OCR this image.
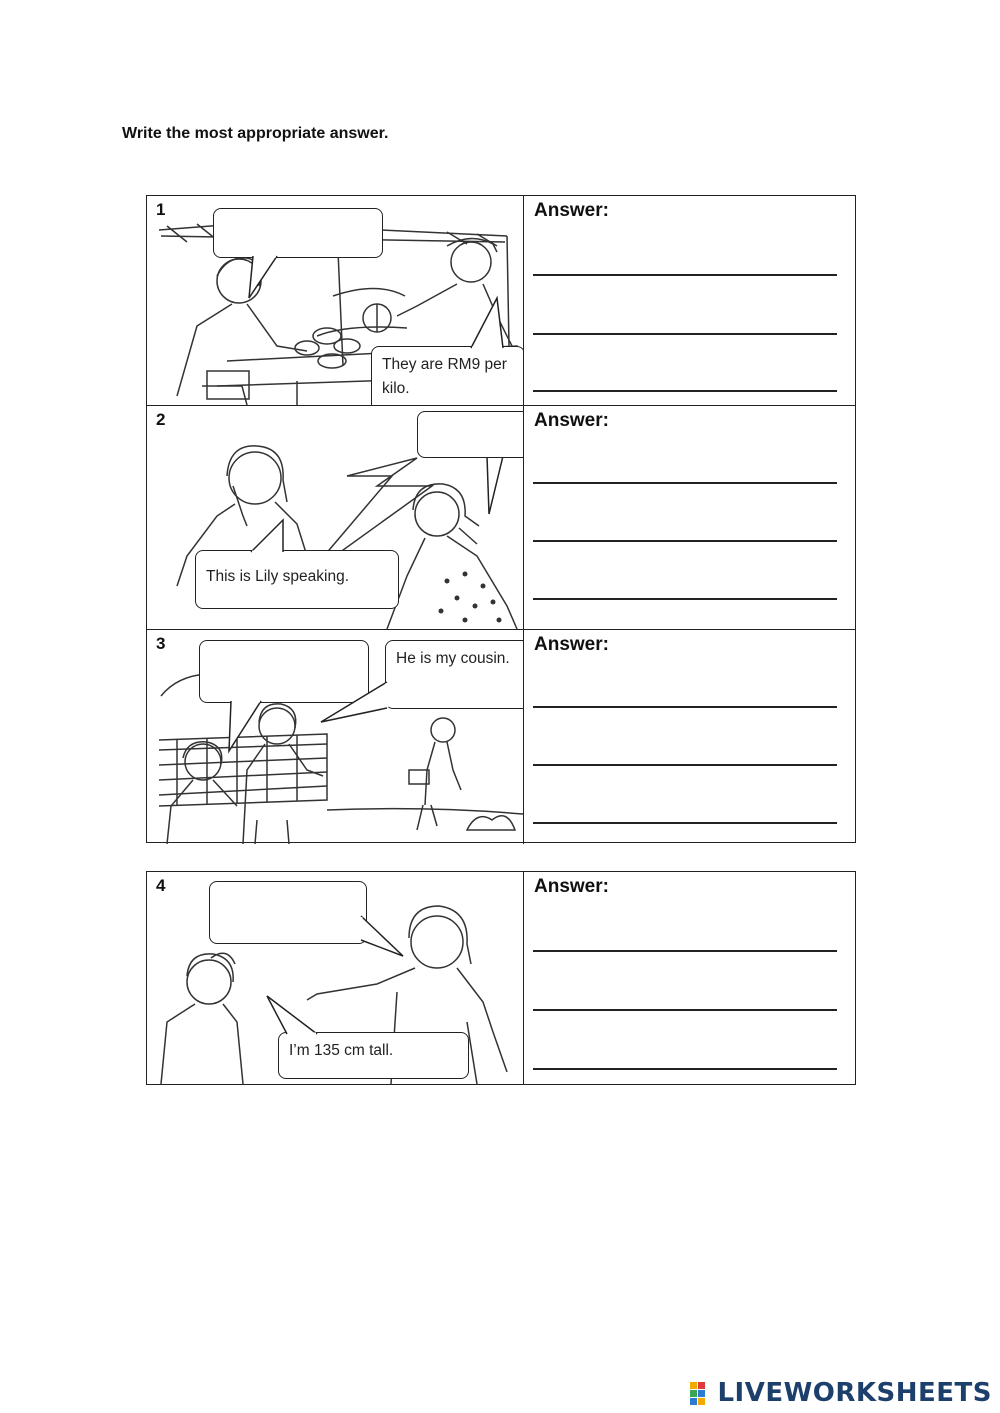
Write the most appropriate answer.
They are RM9 per kilo.
1	Answer:
This is Lily speaking.
2	Answer:
He is my cousin.
3	Answer:
I’m 135 cm tall.
4	Answer:
LIVEWORKSHEETS
